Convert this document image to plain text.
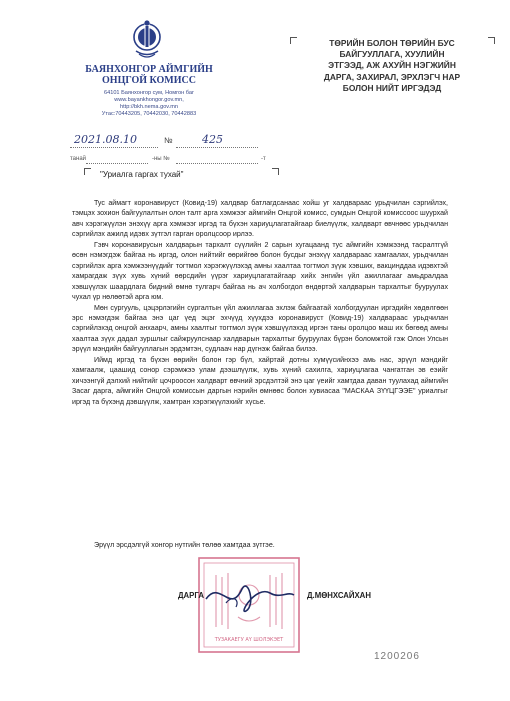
БАЯНХОНГОР АЙМГИЙН
ОНЦГОЙ КОМИСС
64101 Баянхонгор сум, Номгон баг
www.bayankhongor.gov.mn,
http://bkh.nema.gov.mn
Утас:70443205, 70442030, 70442883
2021.08.10	№	425
танай	-ны №	-т
"Уриалга гаргах тухай"
ТӨРИЙН БОЛОН ТӨРИЙН БУС
БАЙГУУЛЛАГА, ХУУЛИЙН
ЭТГЭЭД, АЖ АХУЙН НЭГЖИЙН
ДАРГА, ЗАХИРАЛ, ЭРХЛЭГЧ НАР
БОЛОН НИЙТ ИРГЭДЭД

Тус аймагт коронавируст (Ковид-19) халдвар батлагдсанаас хойш уг халдвараас урьдчилан сэргийлэх, тэмцэх зохион байгуулалтын олон талт арга хэмжээг аймгийн Онцгой комисс, сумдын Онцгой комиссоос шуурхай авч хэрэгжүүлэн энэхүү арга хэмжээг иргэд та бүхэн хариуцлагатайгаар биелүүлж, халдварт өвчнөөс урьдчилан сэргийлэх ажилд идэвх зүтгэл гарган оролцсоор ирлээ.

Гэвч коронавирусын халдварын тархалт сүүлийн 2 сарын хугацаанд тус аймгийн хэмжээнд тасралтгүй өсөн нэмэгдэж байгаа нь иргэд, олон нийтийг өөрийгөө болон бусдыг энэхүү халдвараас хамгаалах, урьдчилан сэргийлэх арга хэмжээнүүдийг тогтмол хэрэгжүүлэхэд амны хаалтаа тогтмол зүүж хэвших, вакцинддаа идэвхтэй хамрагдаж зүүх хувь хүний өөрсдийн үүрэг хариуцлагатайгаар хийх энгийн үйл ажиллагааг амьдралдаа хэвшүүлэх шаардлага бидний өмнө тулгарч байгаа нь ач холбогдол өндөртэй халдварын тархалтыг бууруулах чухал үр нөлөөтэй арга юм.

Мөн сургууль, цэцэрлэгийн сургалтын үйл ажиллагаа эхлэж байгаатай холбогдуулан иргэдийн хөдөлгөөн эрс нэмэгдэж байгаа энэ цаг үед эцэг эхчүүд хүүхдээ коронавируст (Ковид-19) халдвараас урьдчилан сэргийлэхэд онцгой анхаарч, амны хаалтыг тогтмол зүүж хэвшүүлэхэд иргэн таны оролцоо маш их бөгөөд амны хаалтаа зүүх дадал зуршлыг сайжруулснаар халдварын тархалтыг бууруулах бүрэн боломжтой гэж Олон Улсын эрүүл мэндийн байгууллагын эрдэмтэн, судлаач нар дүгнэж байгаа билээ.

Иймд иргэд та бүхэн өөрийн болон гэр бүл, хайртай дотны хүмүүсийнхээ амь нас, эрүүл мэндийг хамгаалж, цаашид сонор сэрэмжээ улам дээшлүүлж, хувь хүний сахилга, хариуцлагаа чангатган эв еэийг хичээнгүй дэлхий нийтийг цочроосон халдварт өвчний эрсдэлтэй энэ цаг үеийг хамтдаа даван туулахад аймгийн Засаг дарга, аймгийн Онцгой комиссын даргын нэрийн өмнөөс болон хувиасаа "МАСКАА ЗҮҮЦГЭЭЕ" уриалгыг иргэд та бүхэнд дэвшүүлж, хамтран хэрэгжүүлэхийг хүсье.

Эрүүл эрсдэлгүй хонгор нутгийн төлөө хамтдаа зүтгэе.
ТУЗАКАЕГУ АҮ ШОЛЭКЭЕТ
ДАРГА	Д.МӨНХСАЙХАН
1200206
